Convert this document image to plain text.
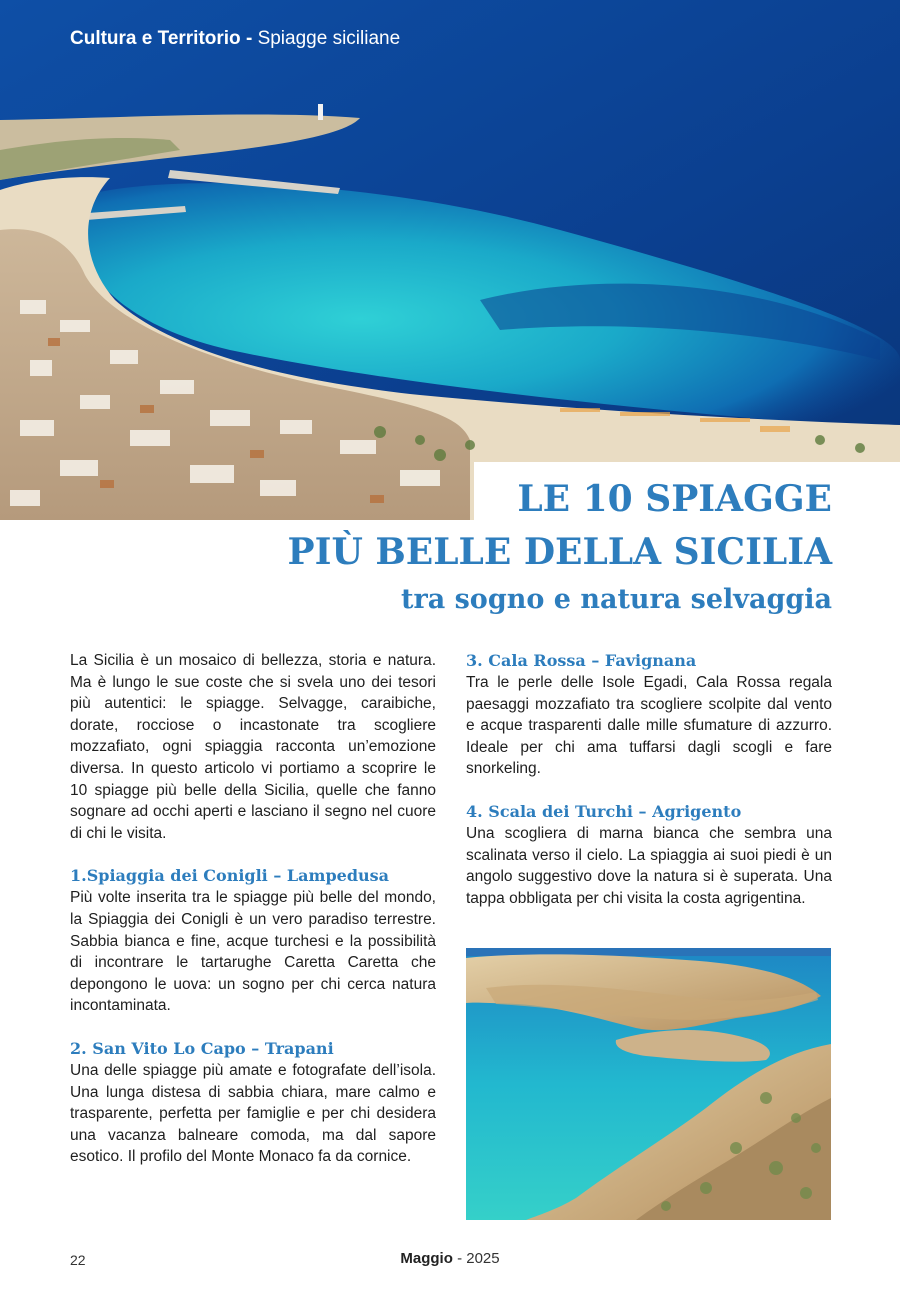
Cultura e Territorio - Spiagge siciliane
LE 10 SPIAGGE
PIÙ BELLE DELLA SICILIA
tra sogno e natura selvaggia

La Sicilia è un mosaico di bellezza, storia e natura. Ma è lungo le sue coste che si svela uno dei tesori più autentici: le spiagge. Selvagge, caraibiche, dorate, rocciose o incastonate tra scogliere mozzafiato, ogni spiaggia racconta un’emozione diversa. In questo articolo vi portiamo a scoprire le 10 spiagge più belle della Sicilia, quelle che fanno sognare ad occhi aperti e lasciano il segno nel cuore di chi le visita.

1.Spiaggia dei Conigli – Lampedusa

Più volte inserita tra le spiagge più belle del mondo, la Spiaggia dei Conigli è un vero paradiso terrestre. Sabbia bianca e fine, acque turchesi e la possibilità di incontrare le tartarughe Caretta Caretta che depongono le uova: un sogno per chi cerca natura incontaminata.

2. San Vito Lo Capo – Trapani

Una delle spiagge più amate e fotografate dell’isola. Una lunga distesa di sabbia chiara, mare calmo e trasparente, perfetta per famiglie e per chi desidera una vacanza balneare comoda, ma dal sapore esotico. Il profilo del Monte Monaco fa da cornice.

3. Cala Rossa – Favignana

Tra le perle delle Isole Egadi, Cala Rossa regala paesaggi mozzafiato tra scogliere scolpite dal vento e acque trasparenti dalle mille sfumature di azzurro. Ideale per chi ama tuffarsi dagli scogli e fare snorkeling.

4. Scala dei Turchi – Agrigento

Una scogliera di marna bianca che sembra una scalinata verso il cielo. La spiaggia ai suoi piedi è un angolo suggestivo dove la natura si è superata. Una tappa obbligata per chi visita la costa agrigentina.

22	Maggio - 2025
